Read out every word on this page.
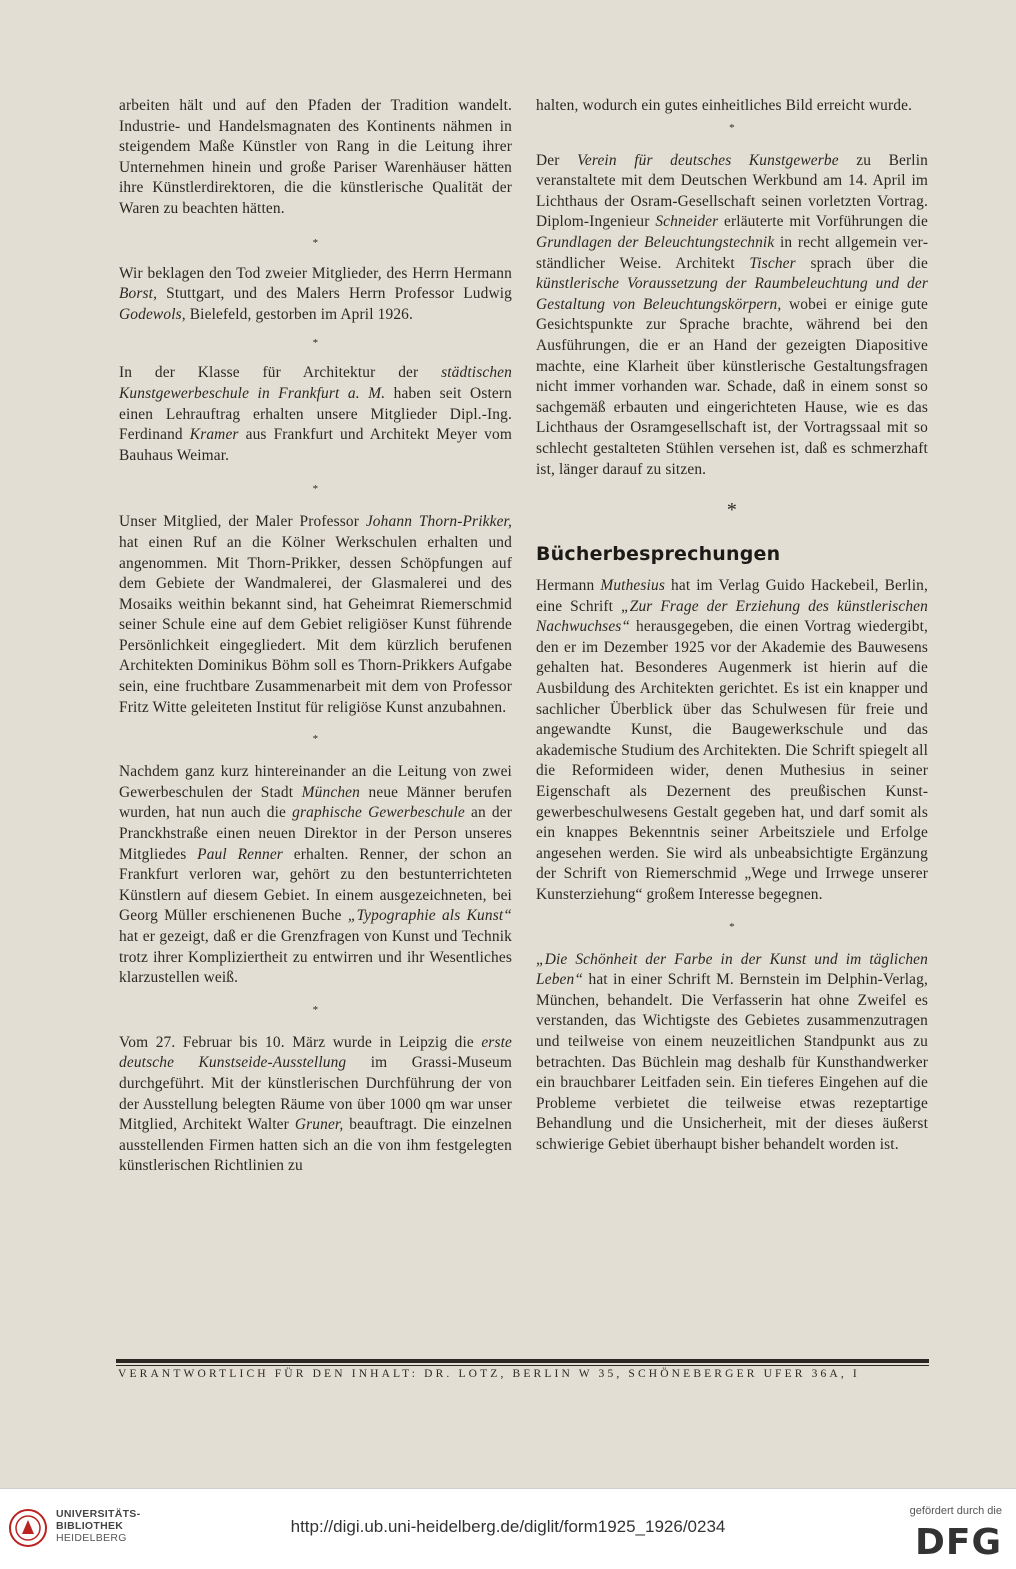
arbeiten hält und auf den Pfaden der Tradition wandelt. Industrie- und Handelsmagnaten des Kontinents nähmen in steigendem Maße Künstler von Rang in die Leitung ihrer Unternehmen hinein und große Pariser Warenhäuser hätten ihre Künstlerdirektoren, die die künstlerische Qualität der Waren zu beachten hätten.

*

Wir beklagen den Tod zweier Mitglieder, des Herrn Hermann Borst, Stuttgart, und des Malers Herrn Professor Ludwig Godewols, Bielefeld, gestorben im April 1926.

*

In der Klasse für Architektur der städtischen Kunstgewerbeschule in Frankfurt a. M. haben seit Ostern einen Lehrauftrag erhalten unsere Mitglieder Dipl.-Ing. Ferdinand Kramer aus Frankfurt und Architekt Meyer vom Bauhaus Weimar.

*

Unser Mitglied, der Maler Professor Johann Thorn-Prikker, hat einen Ruf an die Kölner Werkschulen erhalten und angenommen. Mit Thorn-Prikker, dessen Schöpfungen auf dem Gebiete der Wandmalerei, der Glasmalerei und des Mosaiks weithin bekannt sind, hat Geheimrat Riemerschmid seiner Schule eine auf dem Gebiet religiöser Kunst führende Persönlichkeit eingegliedert. Mit dem kürzlich berufenen Architekten Dominikus Böhm soll es Thorn-Prikkers Aufgabe sein, eine fruchtbare Zusammenarbeit mit dem von Professor Fritz Witte geleiteten Institut für religiöse Kunst anzubahnen.

*

Nachdem ganz kurz hintereinander an die Leitung von zwei Gewerbeschulen der Stadt München neue Männer berufen wurden, hat nun auch die graphische Gewerbeschule an der Pranckhstraße einen neuen Direktor in der Person unseres Mitgliedes Paul Renner erhalten. Renner, der schon an Frankfurt verloren war, gehört zu den bestunterrichteten Künstlern auf diesem Gebiet. In einem ausgezeichneten, bei Georg Müller erschienenen Buche „Typographie als Kunst“ hat er gezeigt, daß er die Grenzfragen von Kunst und Technik trotz ihrer Kompliziertheit zu entwirren und ihr Wesentliches klarzustellen weiß.

*

Vom 27. Februar bis 10. März wurde in Leipzig die erste deutsche Kunstseide-Ausstellung im Grassi-Museum durchgeführt. Mit der künstlerischen Durchführung der von der Ausstellung belegten Räume von über 1000 qm war unser Mitglied, Architekt Walter Gruner, beauftragt. Die einzelnen ausstellenden Firmen hatten sich an die von ihm festgelegten künstlerischen Richtlinien zu

halten, wodurch ein gutes einheitliches Bild erreicht wurde.

*

Der Verein für deutsches Kunstgewerbe zu Berlin veranstaltete mit dem Deutschen Werkbund am 14. April im Lichthaus der Osram-Gesellschaft seinen vorletzten Vortrag. Diplom-Ingenieur Schneider erläuterte mit Vorführungen die Grundlagen der Beleuchtungstechnik in recht allgemein verständlicher Weise. Architekt Tischer sprach über die künstlerische Voraussetzung der Raumbeleuchtung und der Gestaltung von Beleuchtungskörpern, wobei er einige gute Gesichtspunkte zur Sprache brachte, während bei den Ausführungen, die er an Hand der gezeigten Diapositive machte, eine Klarheit über künstlerische Gestaltungsfragen nicht immer vorhanden war. Schade, daß in einem sonst so sachgemäß erbauten und eingerichteten Hause, wie es das Lichthaus der Osramgesellschaft ist, der Vortragssaal mit so schlecht gestalteten Stühlen versehen ist, daß es schmerzhaft ist, länger darauf zu sitzen.

*
Bücherbesprechungen

Hermann Muthesius hat im Verlag Guido Hackebeil, Berlin, eine Schrift „Zur Frage der Erziehung des künstlerischen Nachwuchses“ herausgegeben, die einen Vortrag wiedergibt, den er im Dezember 1925 vor der Akademie des Bauwesens gehalten hat. Besonderes Augenmerk ist hierin auf die Ausbildung des Architekten gerichtet. Es ist ein knapper und sachlicher Überblick über das Schulwesen für freie und angewandte Kunst, die Baugewerkschule und das akademische Studium des Architekten. Die Schrift spiegelt all die Reformideen wider, denen Muthesius in seiner Eigenschaft als Dezernent des preußischen Kunstgewerbeschulwesens Gestalt gegeben hat, und darf somit als ein knappes Bekenntnis seiner Arbeitsziele und Erfolge angesehen werden. Sie wird als unbeabsichtigte Ergänzung der Schrift von Riemerschmid „Wege und Irrwege unserer Kunsterziehung“ großem Interesse begegnen.

*

„Die Schönheit der Farbe in der Kunst und im täglichen Leben“ hat in einer Schrift M. Bernstein im Delphin-Verlag, München, behandelt. Die Verfasserin hat ohne Zweifel es verstanden, das Wichtigste des Gebietes zusammenzutragen und teilweise von einem neuzeitlichen Standpunkt aus zu betrachten. Das Büchlein mag deshalb für Kunsthandwerker ein brauchbarer Leitfaden sein. Ein tieferes Eingehen auf die Probleme verbietet die teilweise etwas rezeptartige Behandlung und die Unsicherheit, mit der dieses äußerst schwierige Gebiet überhaupt bisher behandelt worden ist.

VERANTWORTLICH FÜR DEN INHALT: DR. LOTZ, BERLIN W 35, SCHÖNEBERGER UFER 36A, I
UNIVERSITÄTS-
BIBLIOTHEK
HEIDELBERG
http://digi.ub.uni-heidelberg.de/diglit/form1925_1926/0234
gefördert durch die
DFG
